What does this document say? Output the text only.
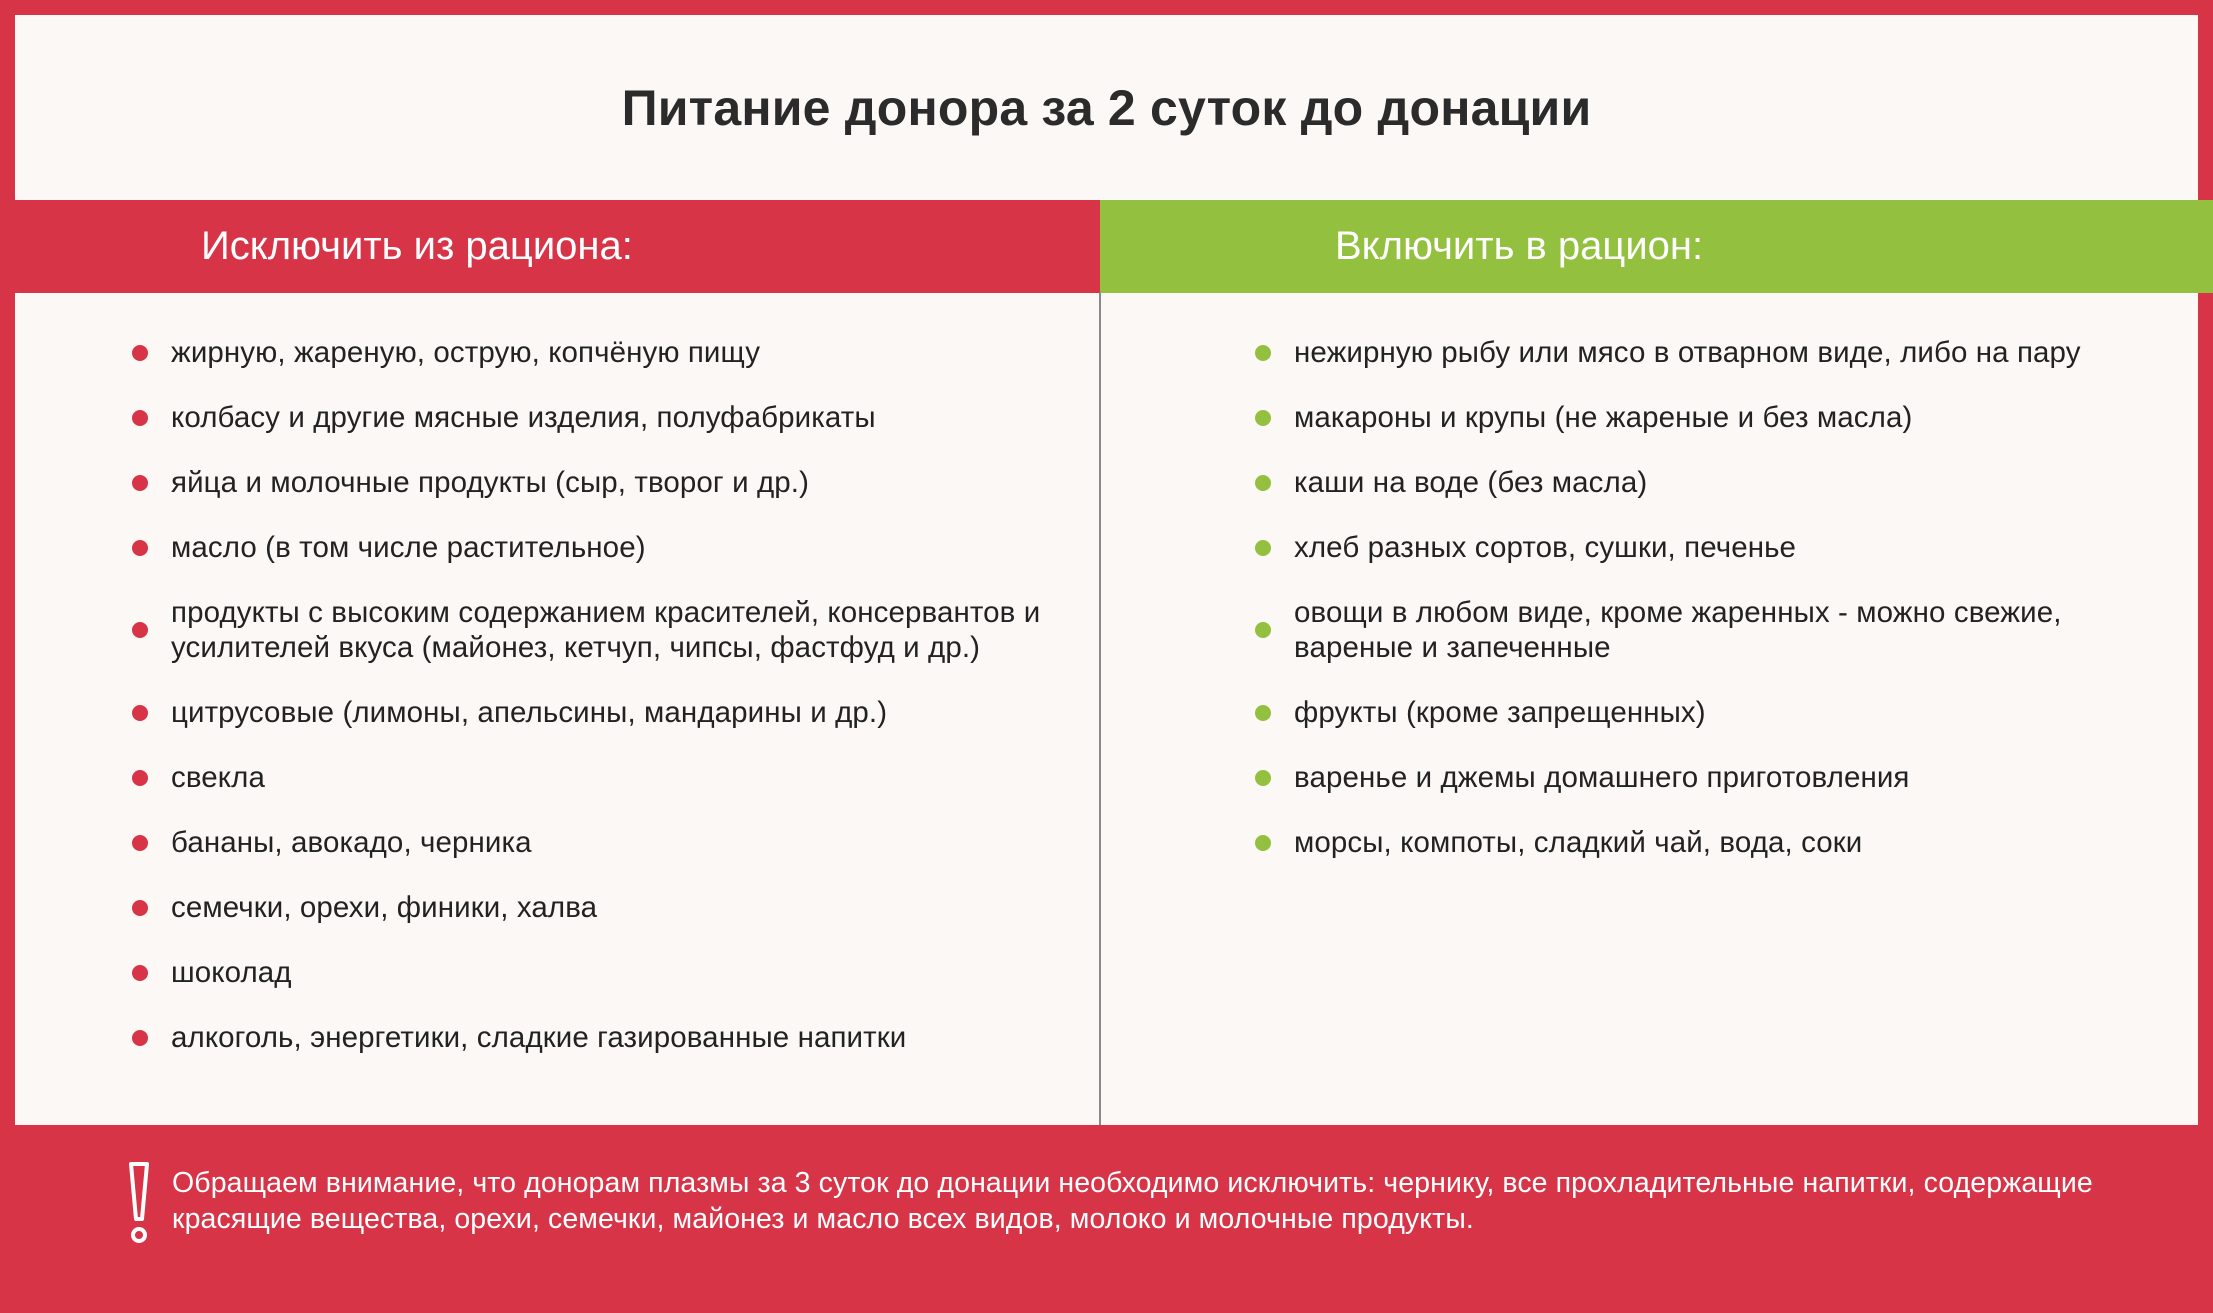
Питание донора за 2 суток до донации
Исключить из рациона:	Включить в рацион:
жирную, жареную, острую, копчёную пищу
колбасу и другие мясные изделия, полуфабрикаты
яйца и молочные продукты (сыр, творог и др.)
масло (в том числе растительное)
продукты с высоким содержанием красителей, консервантов и усилителей вкуса (майонез, кетчуп, чипсы, фастфуд и др.)
цитрусовые (лимоны, апельсины, мандарины и др.)
свекла
бананы, авокадо, черника
семечки, орехи, финики, халва
шоколад
алкоголь, энергетики, сладкие газированные напитки
нежирную рыбу или мясо в отварном виде, либо на пару
макароны и крупы (не жареные и без масла)
каши на воде (без масла)
хлеб разных сортов, сушки, печенье
овощи в любом виде, кроме жаренных - можно свежие, вареные и запеченные
фрукты (кроме запрещенных)
варенье и джемы домашнего приготовления
морсы, компоты, сладкий чай, вода, соки
Обращаем внимание, что донорам плазмы за 3 суток до донации необходимо исключить: чернику, все прохладительные напитки, содержащие красящие вещества, орехи, семечки, майонез и масло всех видов, молоко и молочные продукты.
